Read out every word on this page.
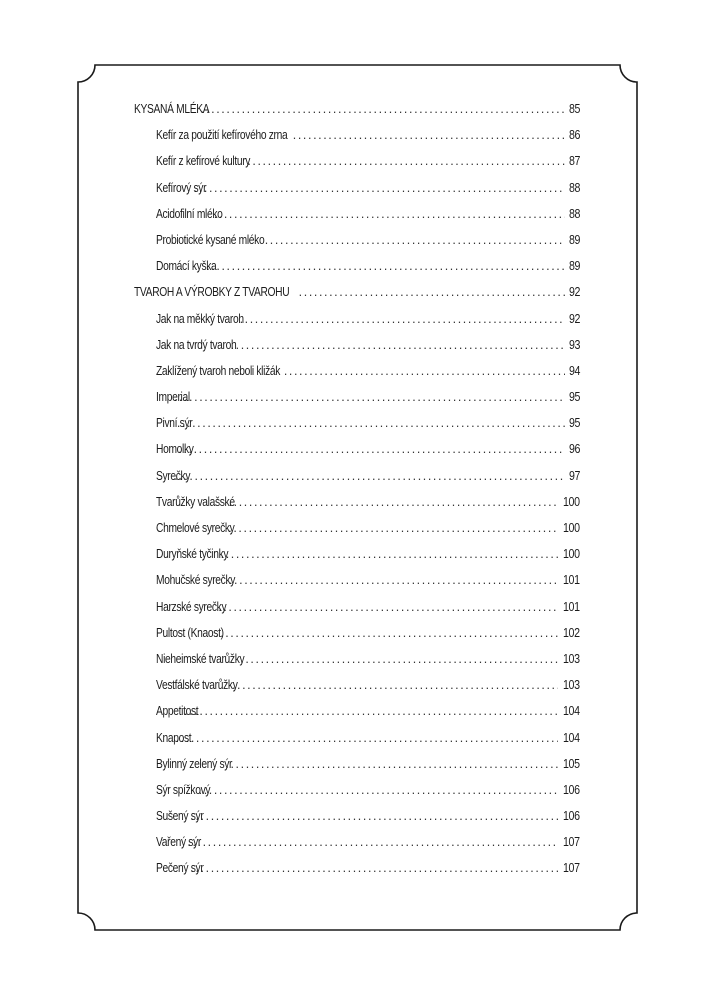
KYSANÁ MLÉKA .....	85
Kefír za použití kefírového zrna .....	86
Kefír z kefírové kultury .....	87
Kefírový sýr .....	88
Acidofilní mléko .....	88
Probiotické kysané mléko .....	89
Domácí kyška .....	89
TVAROH A VÝROBKY Z TVAROHU .....	92
Jak na měkký tvaroh .....	92
Jak na tvrdý tvaroh .....	93
Zaklížený tvaroh neboli kližák .....	94
Imperial .....	95
Pivní sýr .....	95
Homolky .....	96
Syrečky .....	97
Tvarůžky valašské .....	100
Chmelové syrečky .....	100
Duryňské tyčinky .....	100
Mohučské syrečky .....	101
Harzské syrečky .....	101
Pultost (Knaost) .....	102
Nieheimské tvarůžky .....	103
Vestfálské tvarůžky .....	103
Appetitost .....	104
Knapost .....	104
Bylinný zelený sýr .....	105
Sýr spížkový .....	106
Sušený sýr .....	106
Vařený sýr .....	107
Pečený sýr .....	107
